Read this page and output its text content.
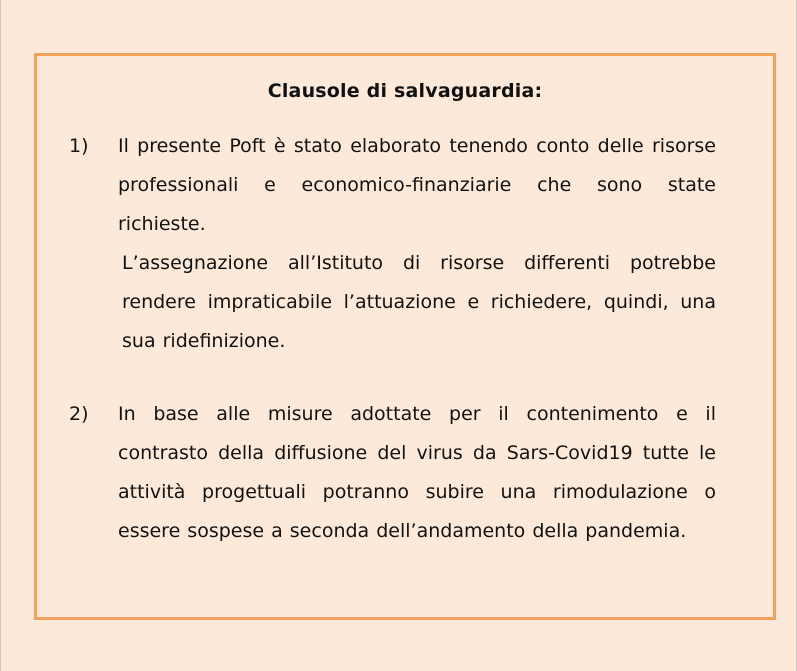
Clausole di salvaguardia:
1) Il presente Poft è stato elaborato tenendo conto delle risorse professionali e economico-finanziarie che sono state richieste.

L’assegnazione all’Istituto di risorse differenti potrebbe rendere impraticabile l’attuazione e richiedere, quindi, una sua ridefinizione.

2) In base alle misure adottate per il contenimento e il contrasto della diffusione del virus da Sars-Covid19 tutte le attività progettuali potranno subire una rimodulazione o essere sospese a seconda dell’andamento della pandemia.
